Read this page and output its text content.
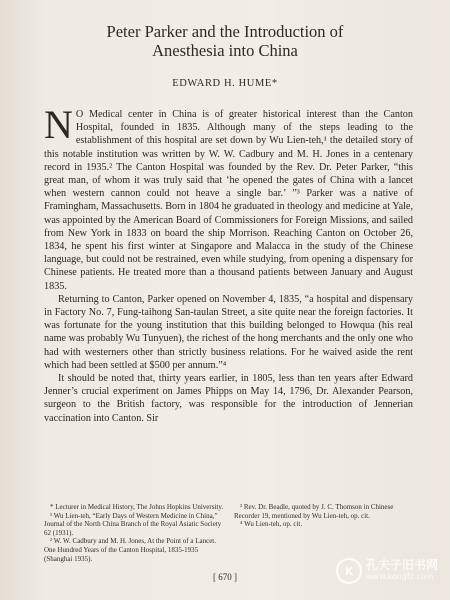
Peter Parker and the Introduction of
Anesthesia into China
EDWARD H. HUME*

N O Medical center in China is of greater historical interest than the Canton Hospital, founded in 1835. Although many of the steps leading to the establishment of this hospital are set down by Wu Lien-teh,¹ the detailed story of this notable institution was written by W. W. Cadbury and M. H. Jones in a centenary record in 1935.² The Canton Hospital was founded by the Rev. Dr. Peter Parker, “this great man, of whom it was truly said that ‘he opened the gates of China with a lancet when western cannon could not heave a single bar.’ ”³ Parker was a native of Framingham, Massachusetts. Born in 1804 he graduated in theology and medicine at Yale, was appointed by the American Board of Commissioners for Foreign Missions, and sailed from New York in 1833 on board the ship Morrison. Reaching Canton on October 26, 1834, he spent his first winter at Singapore and Malacca in the study of the Chinese language, but could not be restrained, even while studying, from opening a dispensary for Chinese patients. He treated more than a thousand patients between January and August 1835.

Returning to Canton, Parker opened on November 4, 1835, “a hospital and dispensary in Factory No. 7, Fung-taihong San-taulan Street, a site quite near the foreign factories. It was fortunate for the young institution that this building belonged to Howqua (his real name was probably Wu Tunyuen), the richest of the hong merchants and the only one who had with westerners other than strictly business relations. For he waived aside the rent which had been settled at $500 per annum.”⁴

It should be noted that, thirty years earlier, in 1805, less than ten years after Edward Jenner’s crucial experiment on James Phipps on May 14, 1796, Dr. Alexander Pearson, surgeon to the British factory, was responsible for the introduction of Jennerian vaccination into Canton. Sir

* Lecturer in Medical History, The Johns Hopkins University.

¹ Wu Lien-teh, “Early Days of Western Medicine in China,” Journal of the North China Branch of the Royal Asiatic Society 62 (1931).

² W. W. Cadbury and M. H. Jones, At the Point of a Lancet. One Hundred Years of the Canton Hospital, 1835-1935 (Shanghai 1935).

³ Rev. Dr. Beadle, quoted by J. C. Thomson in Chinese Recorder 19, mentioned by Wu Lien-teh, op. cit.

⁴ Wu Lien-teh, op. cit.

[ 670 ]	K	孔夫子旧书网
www.kongfz.com
